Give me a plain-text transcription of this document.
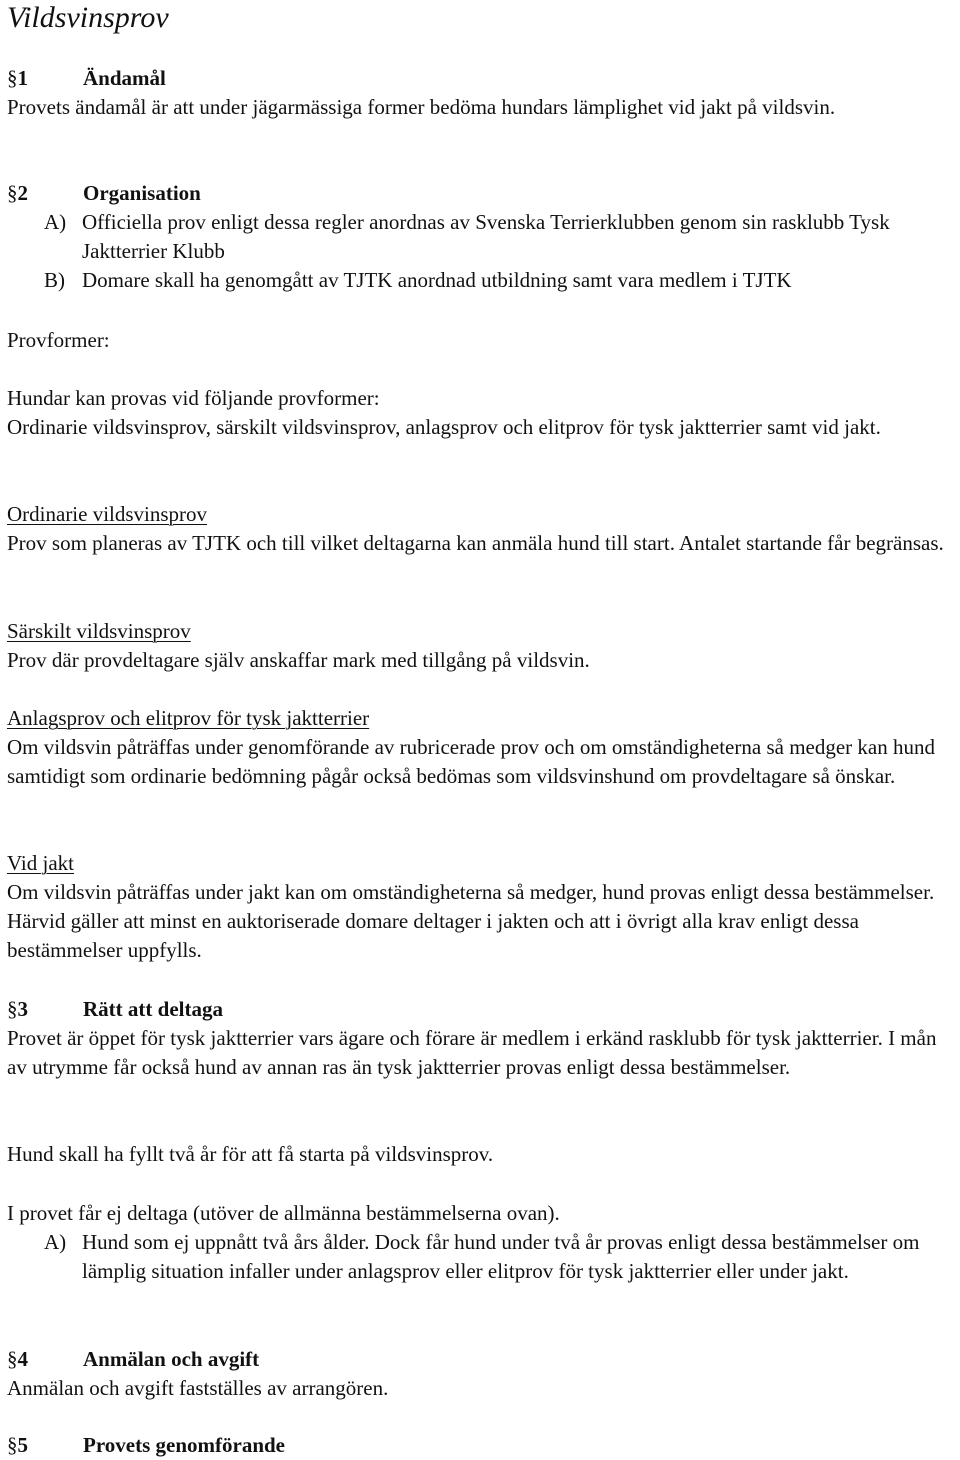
Vildsvinsprov
§1	Ändamål

Provets ändamål är att under jägarmässiga former bedöma hundars lämplighet vid jakt på vildsvin.

§2	Organisation
A) Officiella prov enligt dessa regler anordnas av Svenska Terrierklubben genom sin rasklubb Tysk Jaktterrier Klubb
B) Domare skall ha genomgått av TJTK anordnad utbildning samt vara medlem i TJTK
Provformer:
Hundar kan provas vid följande provformer:

Ordinarie vildsvinsprov, särskilt vildsvinsprov, anlagsprov och elitprov för tysk jaktterrier samt vid jakt.

Ordinarie vildsvinsprov

Prov som planeras av TJTK och till vilket deltagarna kan anmäla hund till start. Antalet startande får begränsas.

Särskilt vildsvinsprov

Prov där provdeltagare själv anskaffar mark med tillgång på vildsvin.

Anlagsprov och elitprov för tysk jaktterrier

Om vildsvin påträffas under genomförande av rubricerade prov och om omständigheterna så medger kan hund samtidigt som ordinarie bedömning pågår också bedömas som vildsvinshund om provdeltagare så önskar.

Vid jakt

Om vildsvin påträffas under jakt kan om omständigheterna så medger, hund provas enligt dessa bestämmelser. Härvid gäller att minst en auktoriserade domare deltager i jakten och att i övrigt alla krav enligt dessa bestämmelser uppfylls.

§3	Rätt att deltaga

Provet är öppet för tysk jaktterrier vars ägare och förare är medlem i erkänd rasklubb för tysk jaktterrier. I mån av utrymme får också hund av annan ras än tysk jaktterrier provas enligt dessa bestämmelser.

Hund skall ha fyllt två år för att få starta på vildsvinsprov.

I provet får ej deltaga (utöver de allmänna bestämmelserna ovan).

A) Hund som ej uppnått två års ålder. Dock får hund under två år provas enligt dessa bestämmelser om lämplig situation infaller under anlagsprov eller elitprov för tysk jaktterrier eller under jakt.
§4	Anmälan och avgift

Anmälan och avgift fastställes av arrangören.

§5	Provets genomförande
